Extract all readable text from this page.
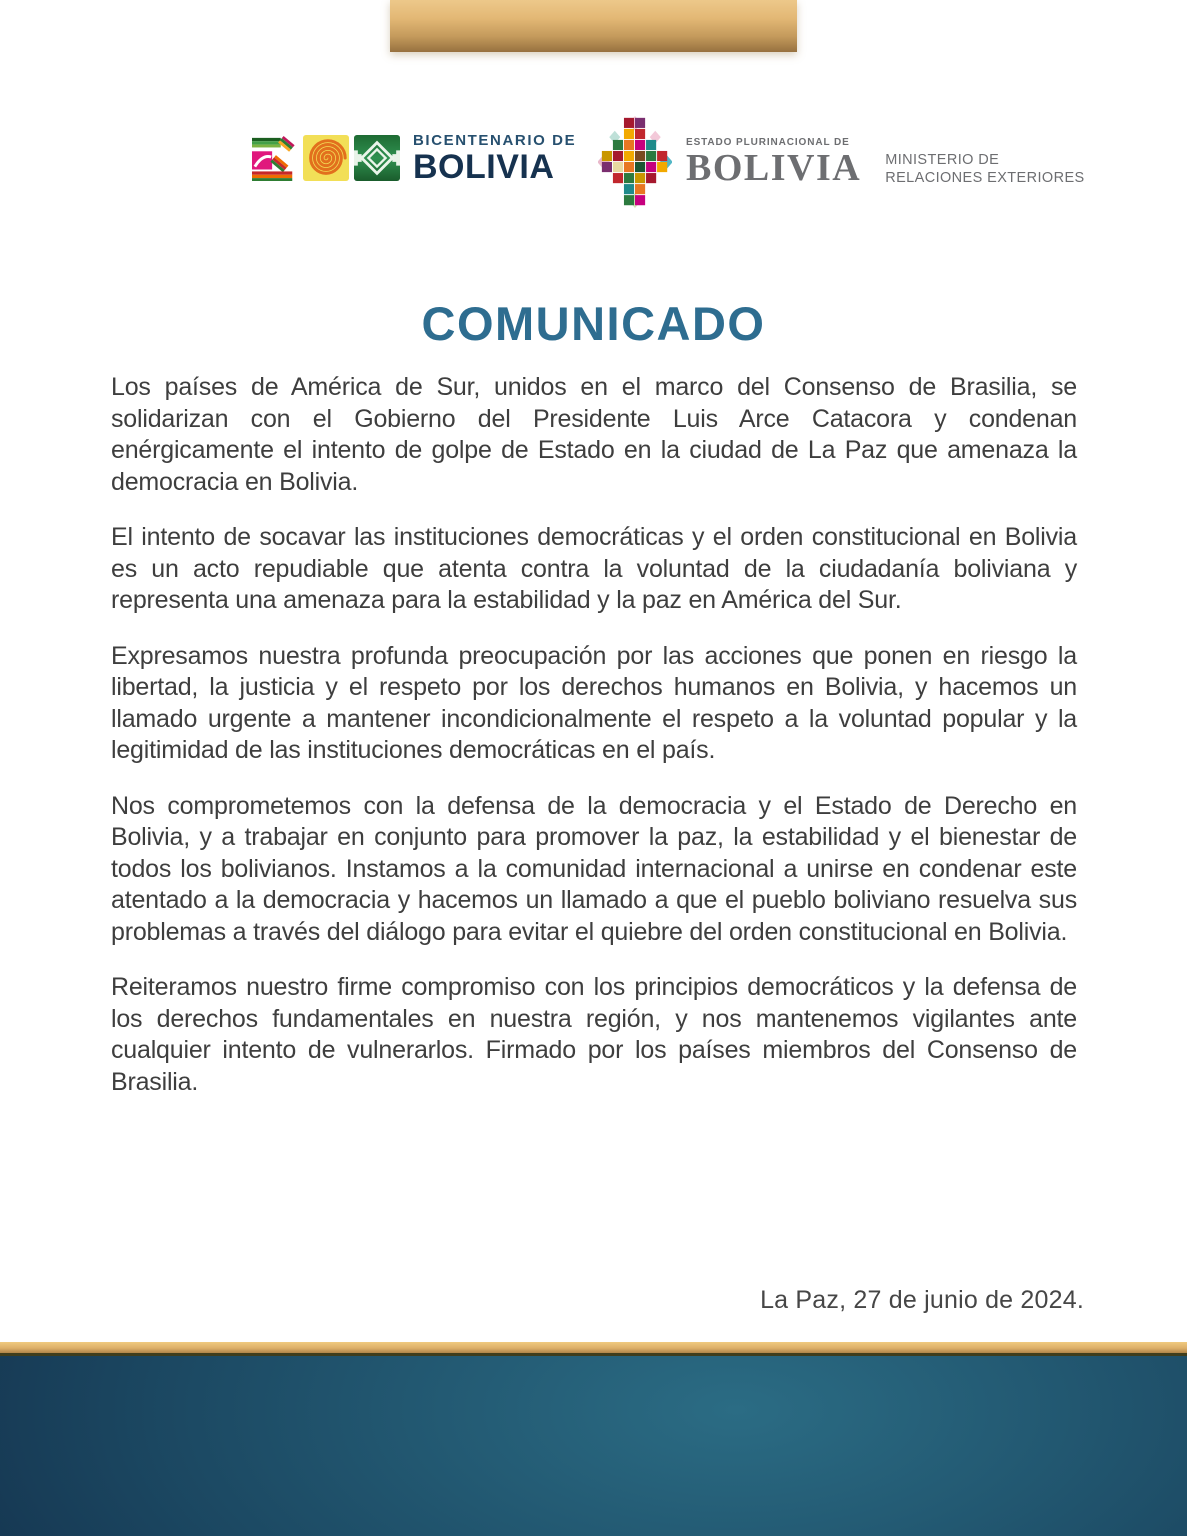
BICENTENARIO DE
BOLIVIA
ESTADO PLURINACIONAL DE
BOLIVIA MINISTERIO DE
RELACIONES EXTERIORES
COMUNICADO

Los países de América de Sur, unidos en el marco del Consenso de Brasilia, se solidarizan con el Gobierno del Presidente Luis Arce Catacora y condenan enérgicamente el intento de golpe de Estado en la ciudad de La Paz que amenaza la democracia en Bolivia.

El intento de socavar las instituciones democráticas y el orden constitucional en Bolivia es un acto repudiable que atenta contra la voluntad de la ciudadanía boliviana y representa una amenaza para la estabilidad y la paz en América del Sur.

Expresamos nuestra profunda preocupación por las acciones que ponen en riesgo la libertad, la justicia y el respeto por los derechos humanos en Bolivia, y hacemos un llamado urgente a mantener incondicionalmente el respeto a la voluntad popular y la legitimidad de las instituciones democráticas en el país.

Nos comprometemos con la defensa de la democracia y el Estado de Derecho en Bolivia, y a trabajar en conjunto para promover la paz, la estabilidad y el bienestar de todos los bolivianos. Instamos a la comunidad internacional a unirse en condenar este atentado a la democracia y hacemos un llamado a que el pueblo boliviano resuelva sus problemas a través del diálogo para evitar el quiebre del orden constitucional en Bolivia.

Reiteramos nuestro firme compromiso con los principios democráticos y la defensa de los derechos fundamentales en nuestra región, y nos mantenemos vigilantes ante cualquier intento de vulnerarlos. Firmado por los países miembros del Consenso de Brasilia.

La Paz, 27 de junio de 2024.
